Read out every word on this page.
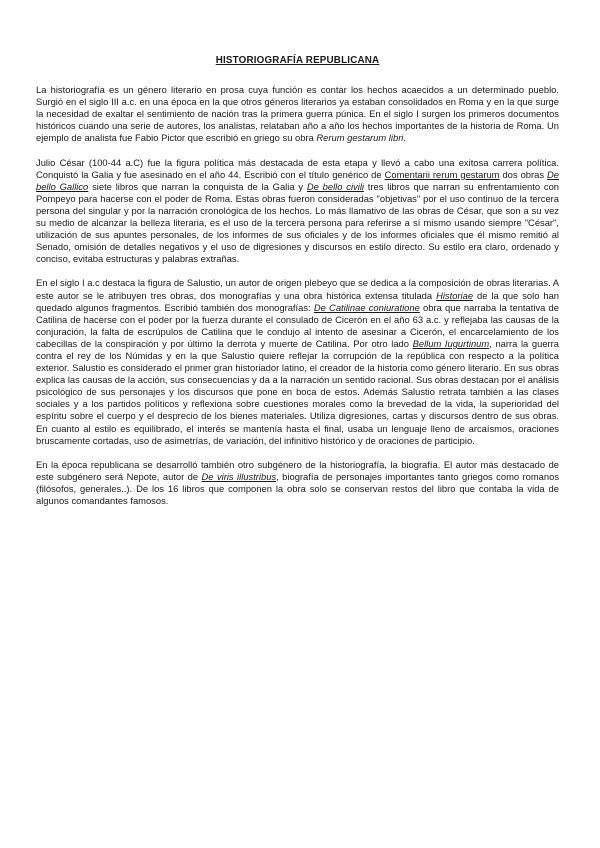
HISTORIOGRAFÍA REPUBLICANA

La historiografía es un género literario en prosa cuya función es contar los hechos acaecidos a un determinado pueblo. Surgió en el siglo III a.c. en una época en la que otros géneros literarios ya estaban consolidados en Roma y en la que surge la necesidad de exaltar el sentimiento de nación tras la primera guerra púnica. En el siglo I surgen los primeros documentos históricos cuando una serie de autores, los analistas, relataban año a año los hechos importantes de la historia de Roma. Un ejemplo de analista fue Fabio Pictor que escribió en griego su obra Rerum gestarum libri.

Julio César (100-44 a.C) fue la figura política más destacada de esta etapa y llevó a cabo una exitosa carrera política. Conquistó la Galia y fue asesinado en el año 44. Escribió con el título genérico de Comentarii rerum gestarum dos obras De bello Gallico siete libros que narran la conquista de la Galia y De bello civili tres libros que narran su enfrentamiento con Pompeyo para hacerse con el poder de Roma. Estas obras fueron consideradas "objetivas" por el uso continuo de la tercera persona del singular y por la narración cronológica de los hechos. Lo más llamativo de las obras de César, que son a su vez su medio de alcanzar la belleza literaria, es el uso de la tercera persona para referirse a sí mismo usando siempre "César", utilización de sus apuntes personales, de los informes de sus oficiales y de los informes oficiales que él mismo remitió al Senado, omisión de detalles negativos y el uso de digresiones y discursos en estilo directo. Su estilo era claro, ordenado y conciso, evitaba estructuras y palabras extrañas.

En el siglo I a.c destaca la figura de Salustio, un autor de origen plebeyo que se dedica a la composición de obras literarias. A este autor se le atribuyen tres obras, dos monografías y una obra histórica extensa titulada Historiae de la que solo han quedado algunos fragmentos. Escribió también dos monografías: De Catilinae coniuratione obra que narraba la tentativa de Catilina de hacerse con el poder por la fuerza durante el consulado de Cicerón en el año 63 a.c. y reflejaba las causas de la conjuración, la falta de escrúpulos de Catilina que le condujo al intento de asesinar a Cicerón, el encarcelamiento de los cabecillas de la conspiración y por último la derrota y muerte de Catilina. Por otro lado Bellum Iugurtinum, narra la guerra contra el rey de los Númidas y en la que Salustio quiere reflejar la corrupción de la república con respecto a la política exterior. Salustio es considerado el primer gran historiador latino, el creador de la historia como género literario. En sus obras explica las causas de la acción, sus consecuencias y da a la narración un sentido racional. Sus obras destacan por el análisis psicológico de sus personajes y los discursos que pone en boca de estos. Además Salustio retrata también a las clases sociales y a los partidos políticos y reflexiona sobre cuestiones morales como la brevedad de la vida, la superioridad del espíritu sobre el cuerpo y el desprecio de los bienes materiales. Utiliza digresiones, cartas y discursos dentro de sus obras. En cuanto al estilo es equilibrado, el interés se mantenía hasta el final, usaba un lenguaje lleno de arcaísmos, oraciones bruscamente cortadas, uso de asimetrías, de variación, del infinitivo histórico y de oraciones de participio.

En la época republicana se desarrolló también otro subgénero de la historiografía, la biografía. El autor más destacado de este subgénero será Nepote, autor de De viris illustribus, biografía de personajes importantes tanto griegos como romanos (filósofos, generales..). De los 16 libros que componen la obra solo se conservan restos del libro que contaba la vida de algunos comandantes famosos.
